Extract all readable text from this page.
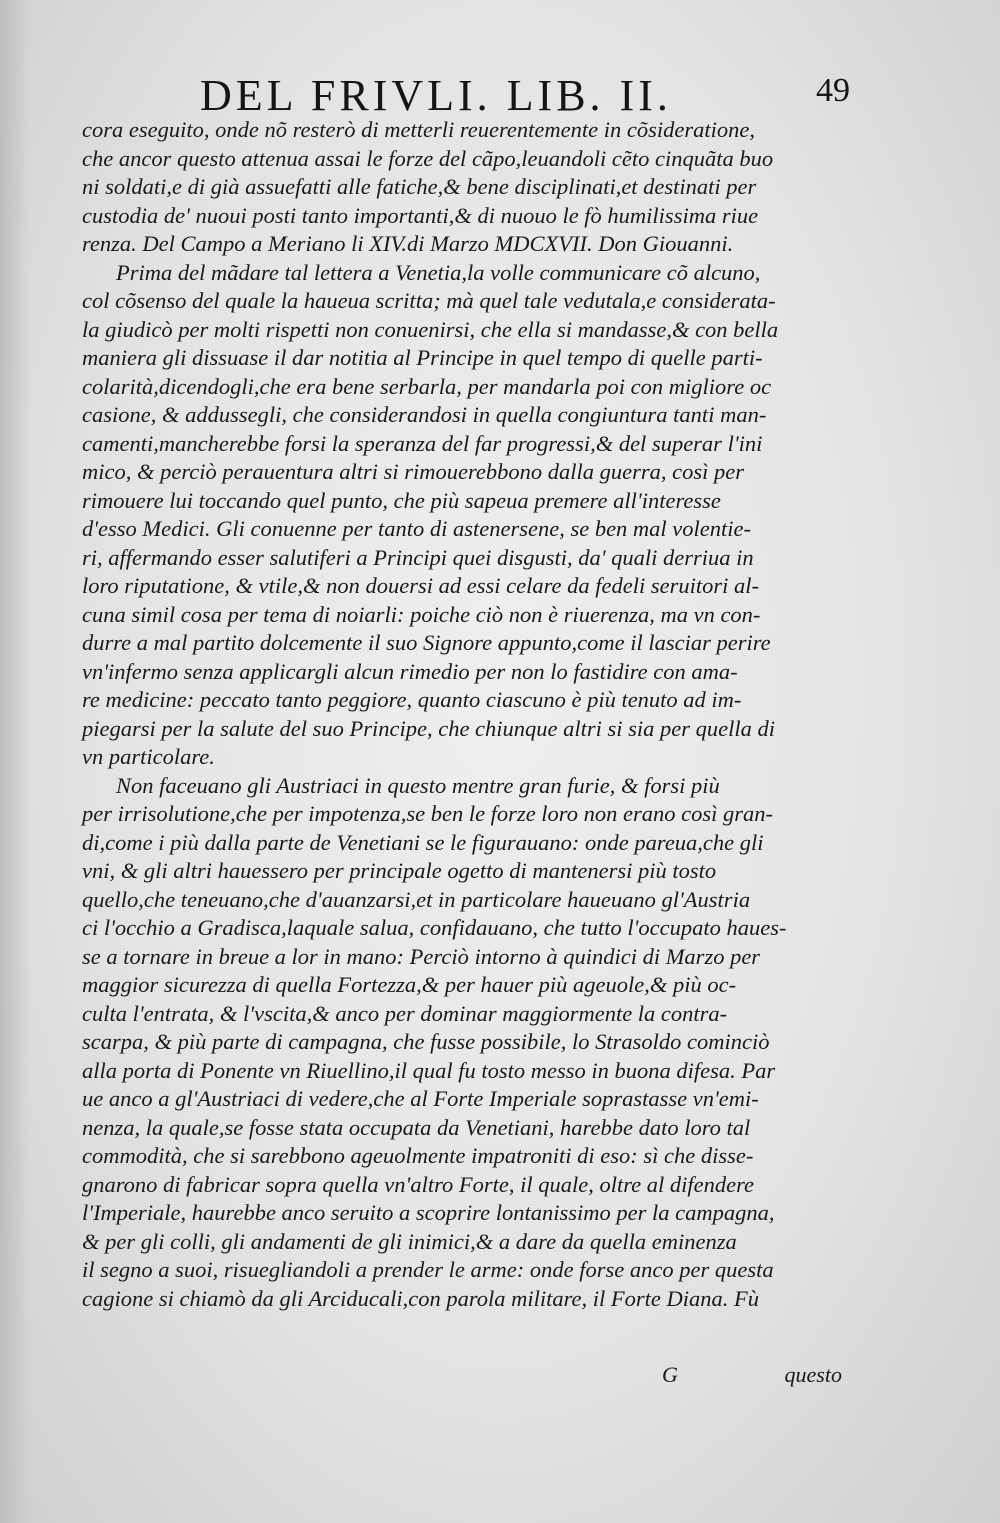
DEL FRIVLI. LIB. II.	49
cora eseguito, onde nõ resterò di metterli reuerentemente in cõsideratione,
che ancor questo attenua assai le forze del cãpo,leuandoli cẽto cinquãta buo
ni soldati,e di già assuefatti alle fatiche,& bene disciplinati,et destinati per
custodia de' nuoui posti tanto importanti,& di nuouo le fò humilissima riue
renza. Del Campo a Meriano li XIV.di Marzo MDCXVII. Don Giouanni.
Prima del mãdare tal lettera a Venetia,la volle communicare cõ alcuno,
col cõsenso del quale la haueua scritta; mà quel tale vedutala,e considerata-
la giudicò per molti rispetti non conuenirsi, che ella si mandasse,& con bella
maniera gli dissuase il dar notitia al Principe in quel tempo di quelle parti-
colarità,dicendogli,che era bene serbarla, per mandarla poi con migliore oc
casione, & addussegli, che considerandosi in quella congiuntura tanti man-
camenti,mancherebbe forsi la speranza del far progressi,& del superar l'ini
mico, & perciò perauentura altri si rimouerebbono dalla guerra, così per
rimouere lui toccando quel punto, che più sapeua premere all'interesse
d'esso Medici. Gli conuenne per tanto di astenersene, se ben mal volentie-
ri, affermando esser salutiferi a Principi quei disgusti, da' quali derriua in
loro riputatione, & vtile,& non douersi ad essi celare da fedeli seruitori al-
cuna simil cosa per tema di noiarli: poiche ciò non è riuerenza, ma vn con-
durre a mal partito dolcemente il suo Signore appunto,come il lasciar perire
vn'infermo senza applicargli alcun rimedio per non lo fastidire con ama-
re medicine: peccato tanto peggiore, quanto ciascuno è più tenuto ad im-
piegarsi per la salute del suo Principe, che chiunque altri si sia per quella di
vn particolare.
Non faceuano gli Austriaci in questo mentre gran furie, & forsi più
per irrisolutione,che per impotenza,se ben le forze loro non erano così gran-
di,come i più dalla parte de Venetiani se le figurauano: onde pareua,che gli
vni, & gli altri hauessero per principale ogetto di mantenersi più tosto
quello,che teneuano,che d'auanzarsi,et in particolare haueuano gl'Austria
ci l'occhio a Gradisca,laquale salua, confidauano, che tutto l'occupato haues-
se a tornare in breue a lor in mano: Perciò intorno à quindici di Marzo per
maggior sicurezza di quella Fortezza,& per hauer più ageuole,& più oc-
culta l'entrata, & l'vscita,& anco per dominar maggiormente la contra-
scarpa, & più parte di campagna, che fusse possibile, lo Strasoldo cominciò
alla porta di Ponente vn Riuellino,il qual fu tosto messo in buona difesa. Par
ue anco a gl'Austriaci di vedere,che al Forte Imperiale soprastasse vn'emi-
nenza, la quale,se fosse stata occupata da Venetiani, harebbe dato loro tal
commodità, che si sarebbono ageuolmente impatroniti di eso: sì che disse-
gnarono di fabricar sopra quella vn'altro Forte, il quale, oltre al difendere
l'Imperiale, haurebbe anco seruito a scoprire lontanissimo per la campagna,
& per gli colli, gli andamenti de gli inimici,& a dare da quella eminenza
il segno a suoi, risuegliandoli a prender le arme: onde forse anco per questa
cagione si chiamò da gli Arciducali,con parola militare, il Forte Diana. Fù
G	questo
